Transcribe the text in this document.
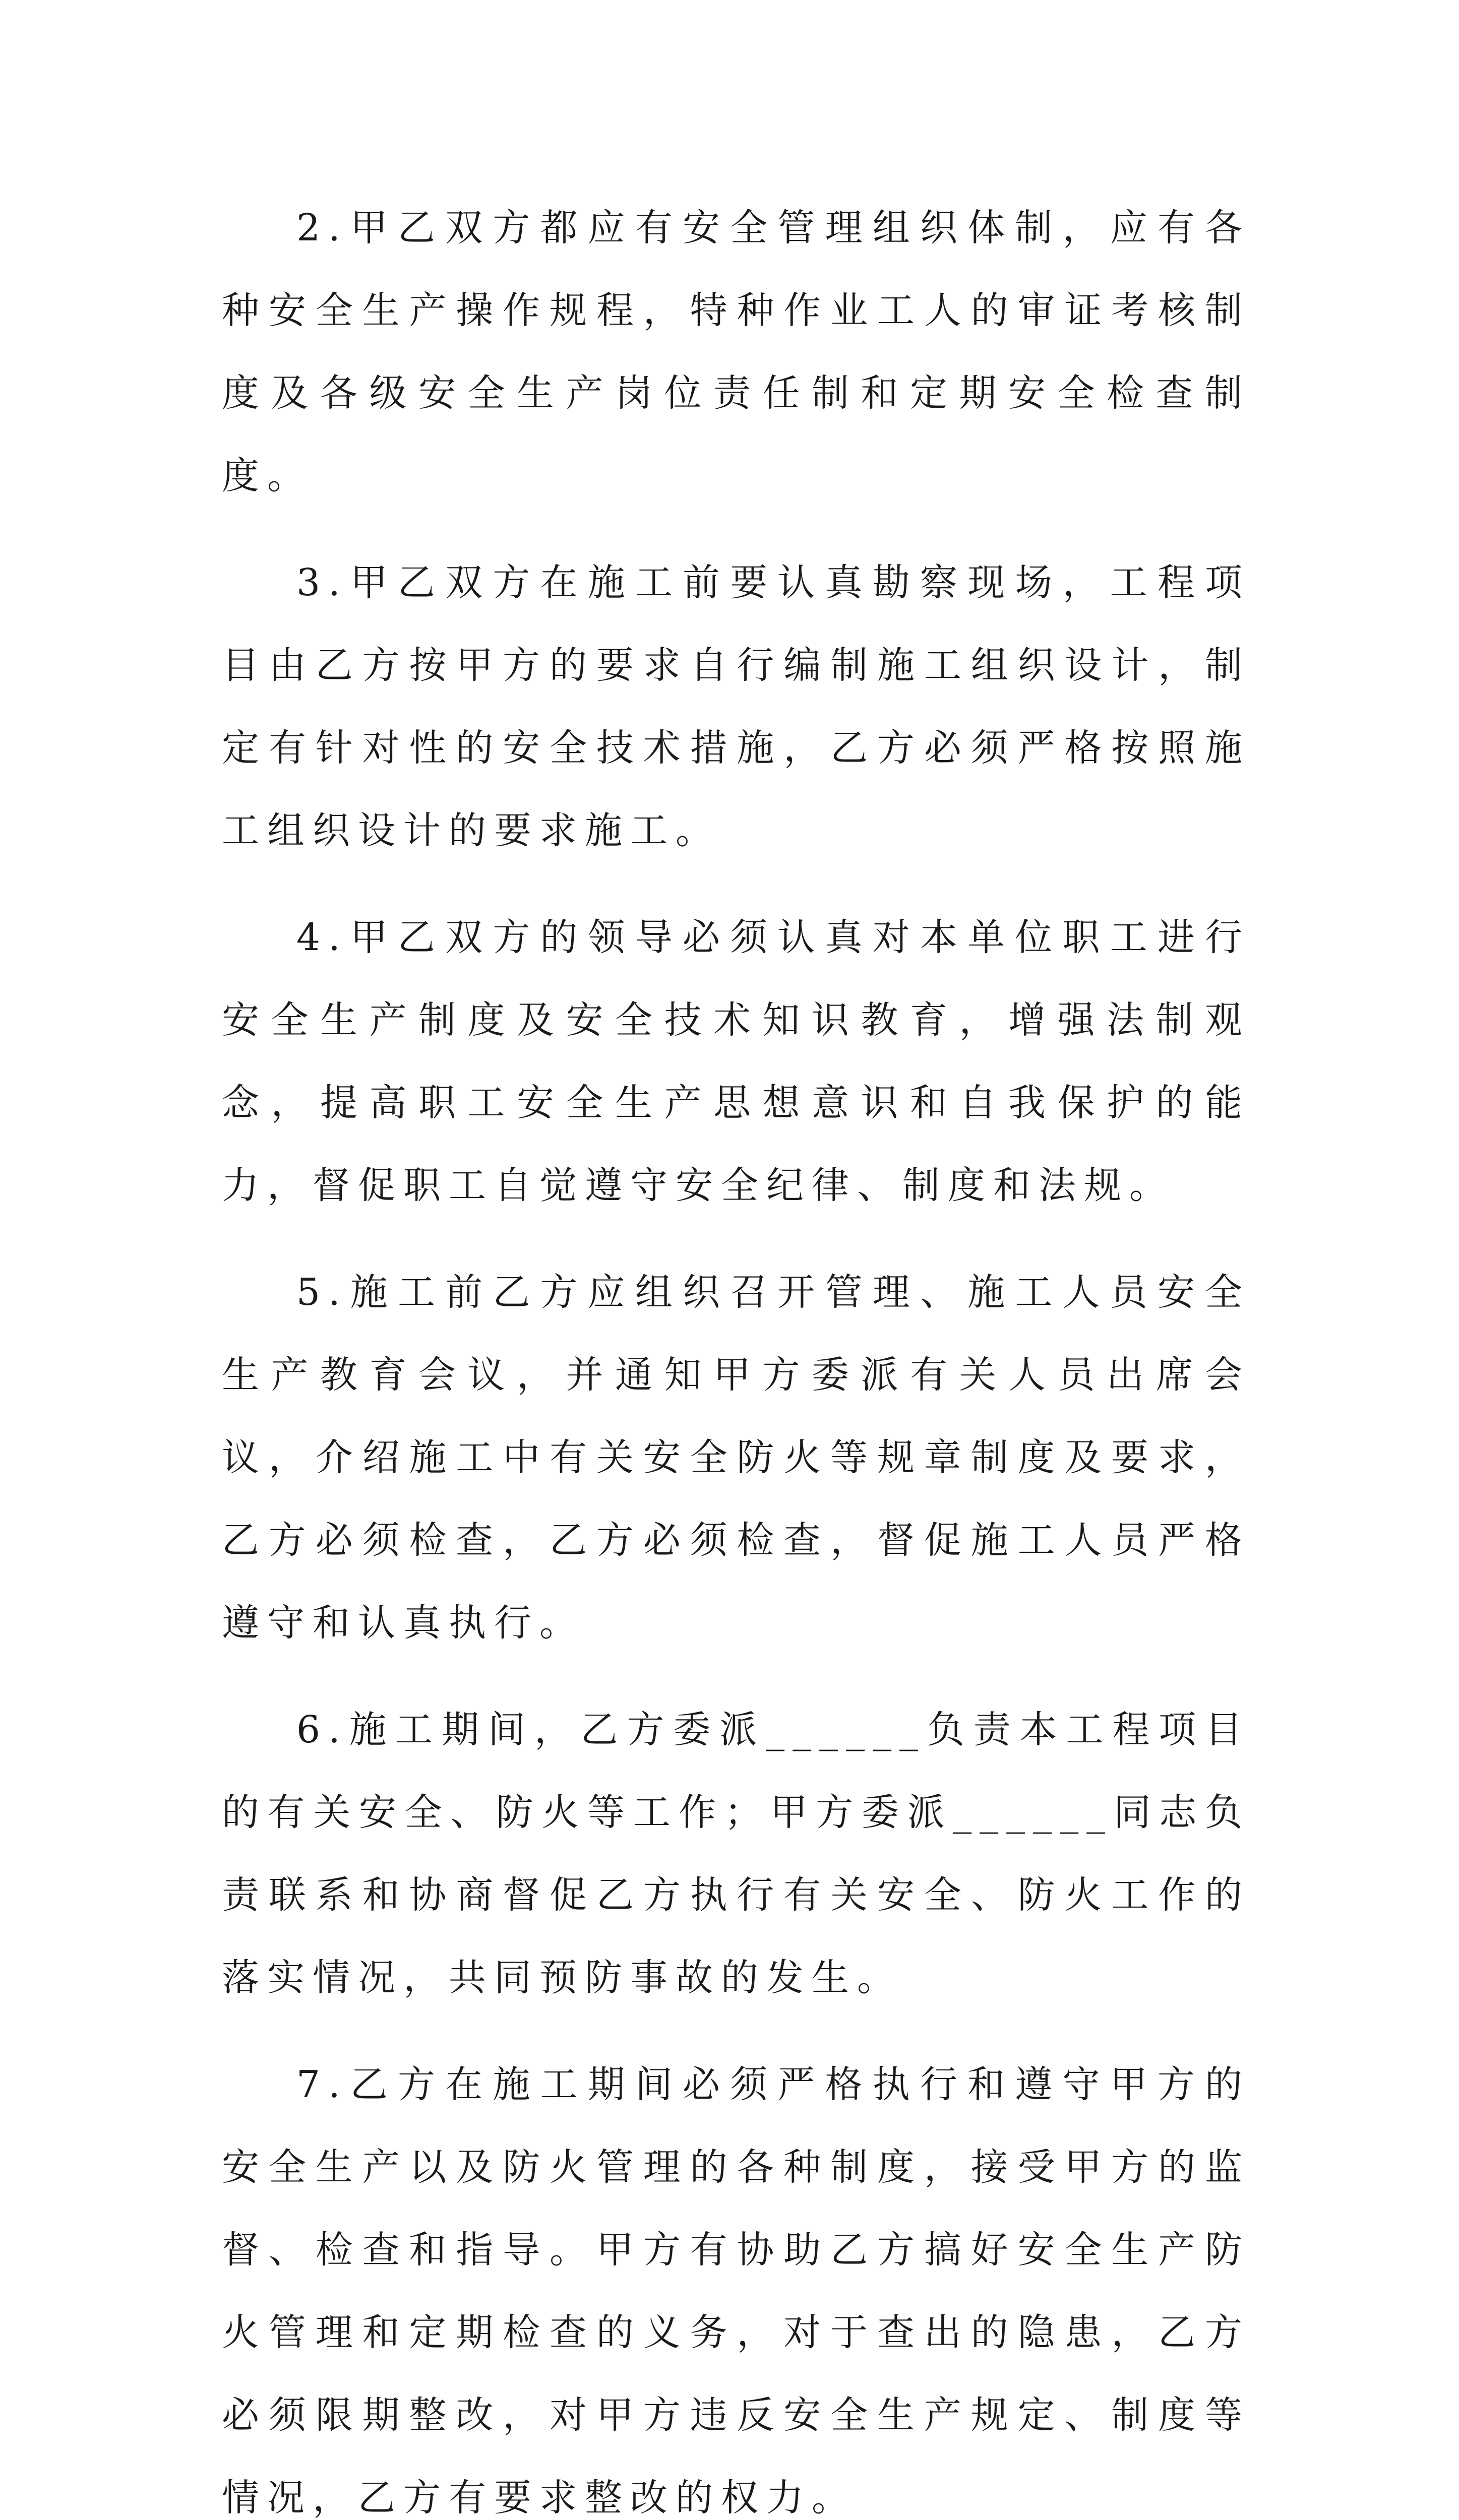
2.甲乙双方都应有安全管理组织体制，应有各种安全生产操作规程，特种作业工人的审证考核制度及各级安全生产岗位责任制和定期安全检查制度。

3.甲乙双方在施工前要认真勘察现场，工程项目由乙方按甲方的要求自行编制施工组织设计，制定有针对性的安全技术措施，乙方必须严格按照施工组织设计的要求施工。

4.甲乙双方的领导必须认真对本单位职工进行安全生产制度及安全技术知识教育，增强法制观念，提高职工安全生产思想意识和自我保护的能力，督促职工自觉遵守安全纪律、制度和法规。

5.施工前乙方应组织召开管理、施工人员安全生产教育会议，并通知甲方委派有关人员出席会议，介绍施工中有关安全防火等规章制度及要求，乙方必须检查，乙方必须检查，督促施工人员严格遵守和认真执行。

6.施工期间，乙方委派______负责本工程项目的有关安全、防火等工作；甲方委派______同志负责联系和协商督促乙方执行有关安全、防火工作的落实情况，共同预防事故的发生。

7.乙方在施工期间必须严格执行和遵守甲方的安全生产以及防火管理的各种制度，接受甲方的监督、检查和指导。甲方有协助乙方搞好安全生产防火管理和定期检查的义务，对于查出的隐患，乙方必须限期整改，对甲方违反安全生产规定、制度等情况，乙方有要求整改的权力。
